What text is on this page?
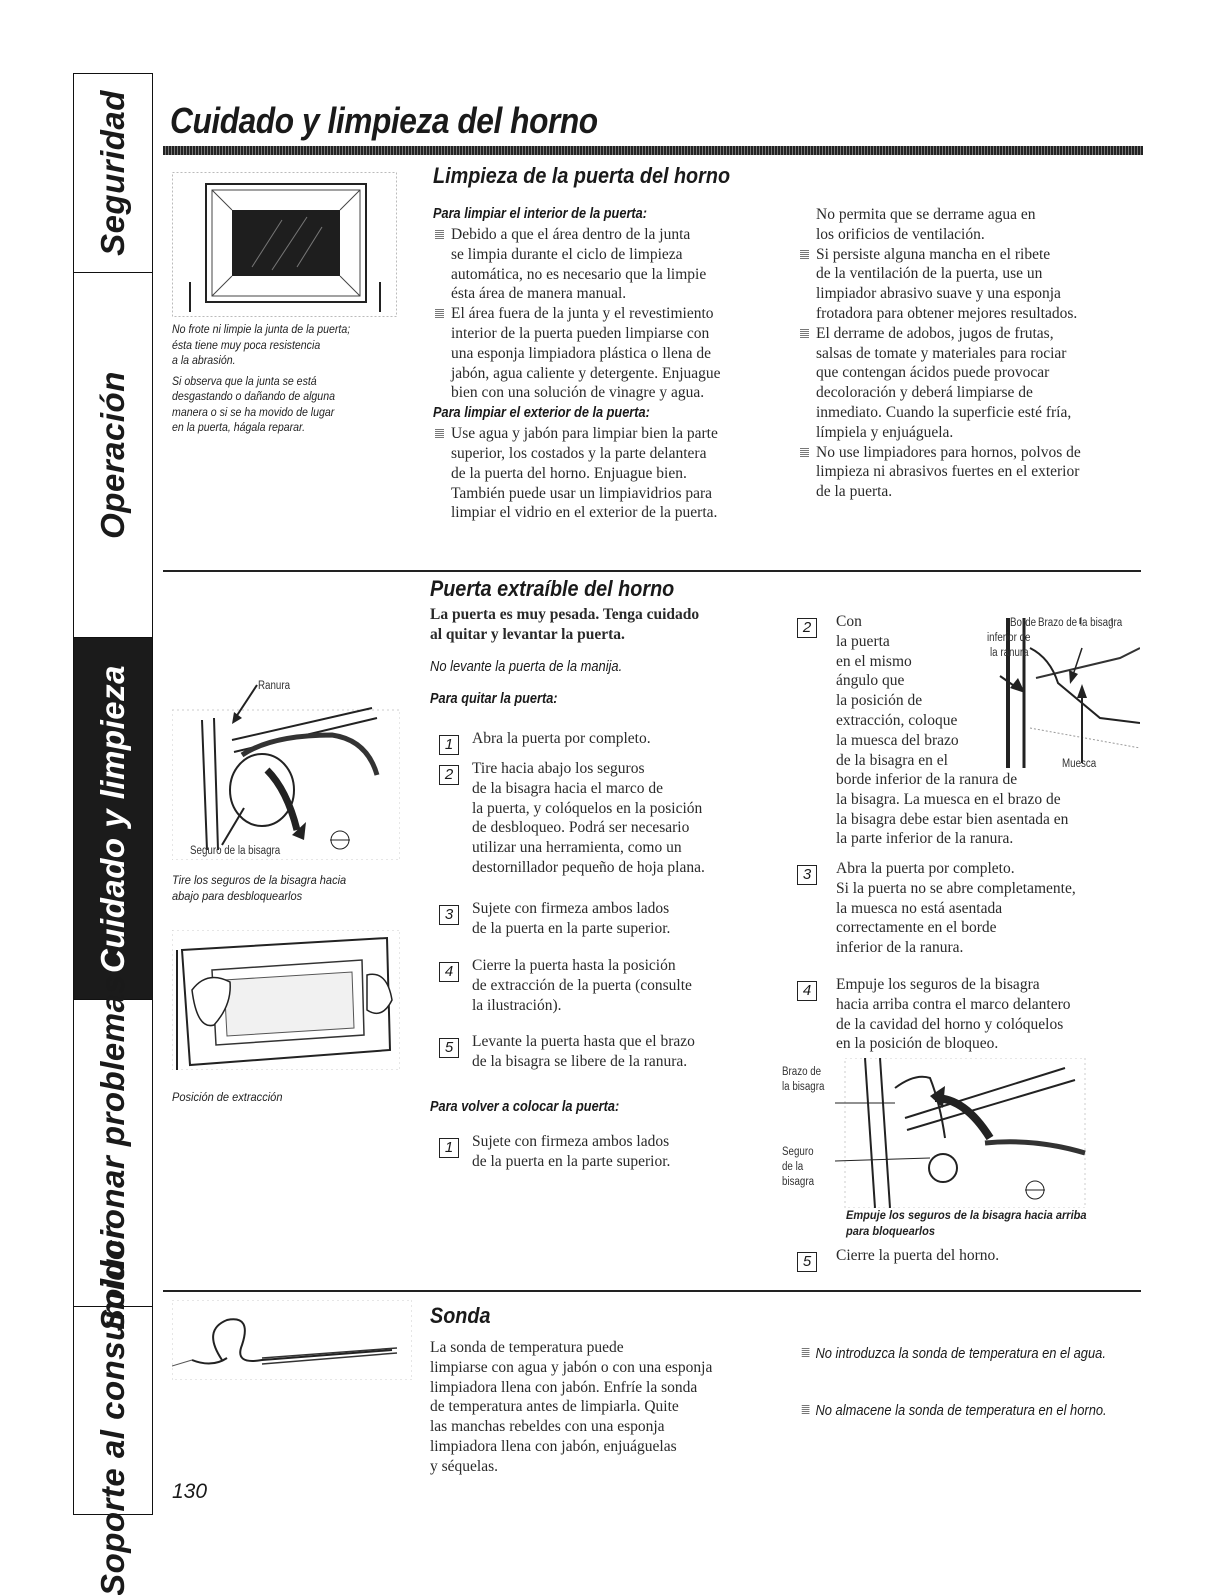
Seguridad
Operación
Cuidado y limpieza
Solucionar problemas
Soporte al consumidor
Cuidado y limpieza del horno
No frote ni limpie la junta de la puerta;
ésta tiene muy poca resistencia
a la abrasión.
Si observa que la junta se está
desgastando o dañando de alguna
manera o si se ha movido de lugar
en la puerta, hágala reparar.
Limpieza de la puerta del horno
Para limpiar el interior de la puerta:
Debido a que el área dentro de la junta
se limpia durante el ciclo de limpieza
automática, no es necesario que la limpie
ésta área de manera manual.
El área fuera de la junta y el revestimiento
interior de la puerta pueden limpiarse con
una esponja limpiadora plástica o llena de
jabón, agua caliente y detergente. Enjuague
bien con una solución de vinagre y agua.
Para limpiar el exterior de la puerta:
Use agua y jabón para limpiar bien la parte
superior, los costados y la parte delantera
de la puerta del horno. Enjuague bien.
También puede usar un limpiavidrios para
limpiar el vidrio en el exterior de la puerta.
No permita que se derrame agua en
los orificios de ventilación.
Si persiste alguna mancha en el ribete
de la ventilación de la puerta, use un
limpiador abrasivo suave y una esponja
frotadora para obtener mejores resultados.
El derrame de adobos, jugos de frutas,
salsas de tomate y materiales para rociar
que contengan ácidos puede provocar
decoloración y deberá limpiarse de
inmediato. Cuando la superficie esté fría,
límpiela y enjuáguela.
No use limpiadores para hornos, polvos de
limpieza ni abrasivos fuertes en el exterior
de la puerta.
Puerta extraíble del horno
Ranura
Seguro de la bisagra
Tire los seguros de la bisagra hacia
abajo para desbloquearlos
Posición de extracción
La puerta es muy pesada. Tenga cuidado
al quitar y levantar la puerta.
No levante la puerta de la manija.
Para quitar la puerta:
1	Abra la puerta por completo.
2	Tire hacia abajo los seguros
de la bisagra hacia el marco de
la puerta, y colóquelos en la posición
de desbloqueo. Podrá ser necesario
utilizar una herramienta, como un
destornillador pequeño de hoja plana.
3	Sujete con firmeza ambos lados
de la puerta en la parte superior.
4	Cierre la puerta hasta la posición
de extracción de la puerta (consulte
la ilustración).
5	Levante la puerta hasta que el brazo
de la bisagra se libere de la ranura.
Para volver a colocar la puerta:
1	Sujete con firmeza ambos lados
de la puerta en la parte superior.
2	Con
la puerta
en el mismo
ángulo que
la posición de
extracción, coloque
la muesca del brazo
de la bisagra en el
borde inferior de la ranura de
la bisagra. La muesca en el brazo de
la bisagra debe estar bien asentada en
la parte inferior de la ranura.
Borde
inferior de
la ranura
Brazo de la bisagra
Muesca
3	Abra la puerta por completo.
Si la puerta no se abre completamente,
la muesca no está asentada
correctamente en el borde
inferior de la ranura.
4	Empuje los seguros de la bisagra
hacia arriba contra el marco delantero
de la cavidad del horno y colóquelos
en la posición de bloqueo.
Brazo de
la bisagra
Seguro
de la
bisagra
Empuje los seguros de la bisagra hacia arriba
para bloquearlos
5	Cierre la puerta del horno.
Sonda
La sonda de temperatura puede
limpiarse con agua y jabón o con una esponja
limpiadora llena con jabón. Enfríe la sonda
de temperatura antes de limpiarla. Quite
las manchas rebeldes con una esponja
limpiadora llena con jabón, enjuáguelas
y séquelas.
No introduzca la sonda de temperatura en el agua.
No almacene la sonda de temperatura en el horno.
130
